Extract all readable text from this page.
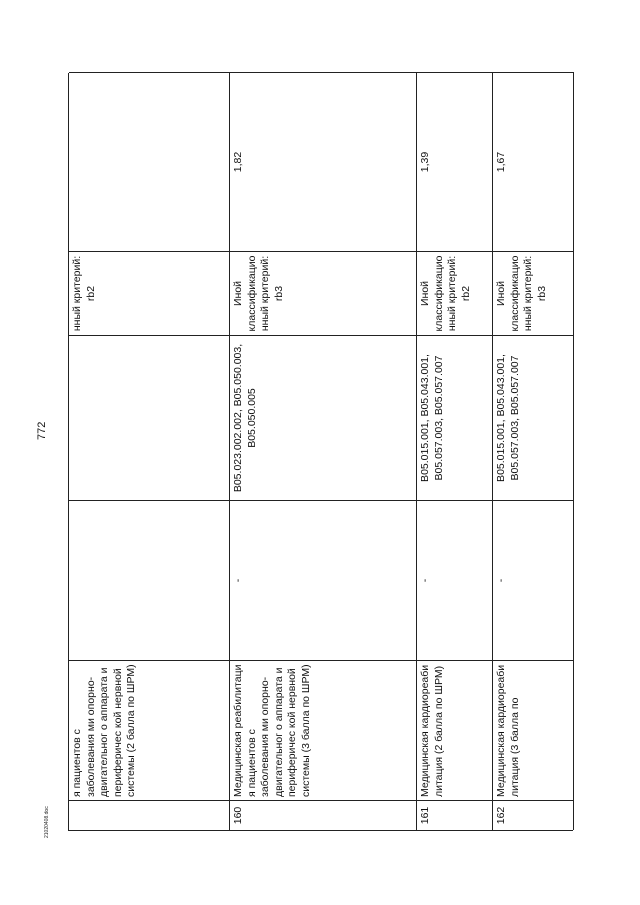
772
я пациентов с заболевания ми опорно-двигательног о аппарата и периферичес кой нервной системы (2 балла по ШРМ)
нный критерий: rb2
160
Медицинская реабилитаци я пациентов с заболевания ми опорно-двигательног о аппарата и периферичес кой нервной системы (3 балла по ШРМ)
-
B05.023.002.002, B05.050.003, B05.050.005
Иной классификацио нный критерий: rb3
1,82
161
Медицинская кардиореаби литация (2 балла по ШРМ)
-
B05.015.001, B05.043.001, B05.057.003, B05.057.007
Иной классификацио нный критерий: rb2
1,39
162
Медицинская кардиореаби литация (3 балла по
-
B05.015.001, B05.043.001, B05.057.003, B05.057.007
Иной классификацио нный критерий: rb3
1,67
21020408.doc
